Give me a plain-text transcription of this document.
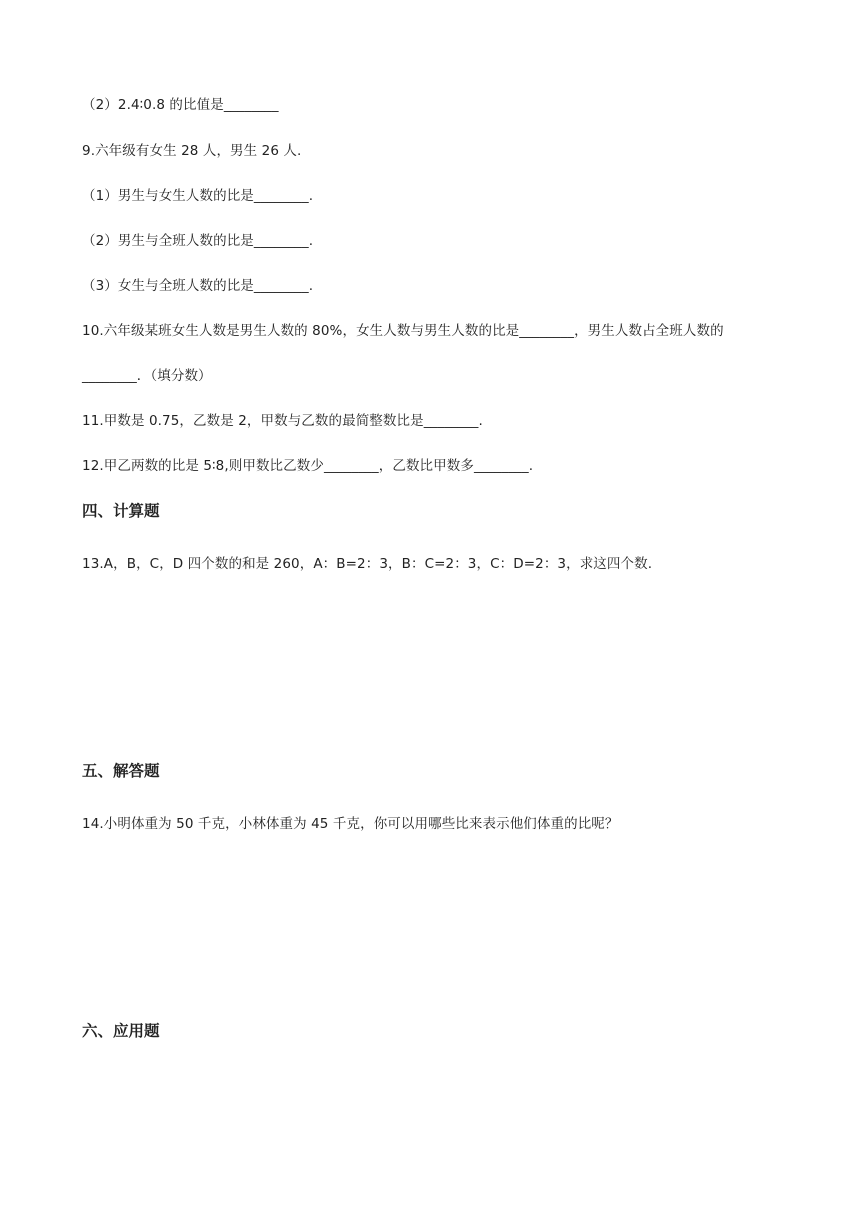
（2）2.4∶0.8 的比值是________
9.六年级有女生 28 人，男生 26 人.
（1）男生与女生人数的比是________.
（2）男生与全班人数的比是________.
（3）女生与全班人数的比是________.
10.六年级某班女生人数是男生人数的 80%，女生人数与男生人数的比是________，男生人数占全班人数的
________．（填分数）
11.甲数是 0.75，乙数是 2，甲数与乙数的最简整数比是________.
12.甲乙两数的比是 5∶8,则甲数比乙数少________，乙数比甲数多________.
四、计算题
13.A，B，C，D 四个数的和是 260，A：B=2：3，B：C=2：3，C：D=2：3，求这四个数.
五、解答题
14.小明体重为 50 千克，小林体重为 45 千克，你可以用哪些比来表示他们体重的比呢？
六、应用题
